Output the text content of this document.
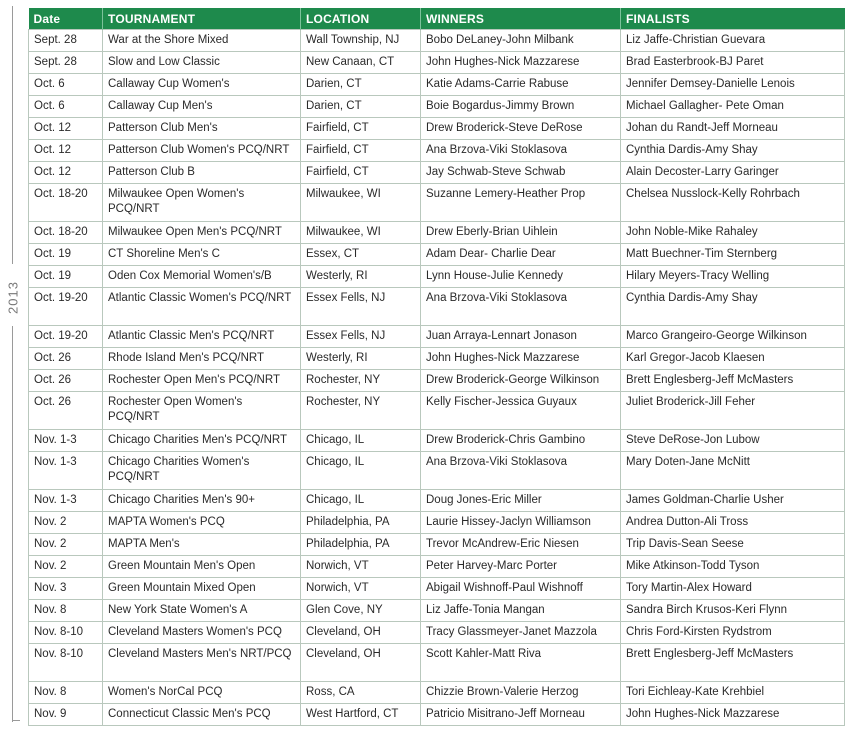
2013
Date	TOURNAMENT	LOCATION	WINNERS	FINALISTS
Sept. 28	War at the Shore Mixed	Wall Township, NJ	Bobo DeLaney-John Milbank	Liz Jaffe-Christian Guevara
Sept. 28	Slow and Low Classic	New Canaan, CT	John Hughes-Nick Mazzarese	Brad Easterbrook-BJ Paret
Oct. 6	Callaway Cup Women's	Darien, CT	Katie Adams-Carrie Rabuse	Jennifer Demsey-Danielle Lenois
Oct. 6	Callaway Cup Men's	Darien, CT	Boie Bogardus-Jimmy Brown	Michael Gallagher- Pete Oman
Oct. 12	Patterson Club Men's	Fairfield, CT	Drew Broderick-Steve DeRose	Johan du Randt-Jeff Morneau
Oct. 12	Patterson Club Women's PCQ/NRT	Fairfield, CT	Ana Brzova-Viki Stoklasova	Cynthia Dardis-Amy Shay
Oct. 12	Patterson Club B	Fairfield, CT	Jay Schwab-Steve Schwab	Alain Decoster-Larry Garinger
Oct. 18-20	Milwaukee Open Women's PCQ/NRT	Milwaukee, WI	Suzanne Lemery-Heather Prop	Chelsea Nusslock-Kelly Rohrbach
Oct. 18-20	Milwaukee Open Men's PCQ/NRT	Milwaukee, WI	Drew Eberly-Brian Uihlein	John Noble-Mike Rahaley
Oct. 19	CT Shoreline Men's C	Essex, CT	Adam Dear- Charlie Dear	Matt Buechner-Tim Sternberg
Oct. 19	Oden Cox Memorial Women's/B	Westerly, RI	Lynn House-Julie Kennedy	Hilary Meyers-Tracy Welling
Oct. 19-20	Atlantic Classic Women's PCQ/NRT	Essex Fells, NJ	Ana Brzova-Viki Stoklasova	Cynthia Dardis-Amy Shay
Oct. 19-20	Atlantic Classic Men's PCQ/NRT	Essex Fells, NJ	Juan Arraya-Lennart Jonason	Marco Grangeiro-George Wilkinson
Oct. 26	Rhode Island Men's PCQ/NRT	Westerly, RI	John Hughes-Nick Mazzarese	Karl Gregor-Jacob Klaesen
Oct. 26	Rochester Open Men's PCQ/NRT	Rochester, NY	Drew Broderick-George Wilkinson	Brett Englesberg-Jeff McMasters
Oct. 26	Rochester Open Women's PCQ/NRT	Rochester, NY	Kelly Fischer-Jessica Guyaux	Juliet Broderick-Jill Feher
Nov. 1-3	Chicago Charities Men's PCQ/NRT	Chicago, IL	Drew Broderick-Chris Gambino	Steve DeRose-Jon Lubow
Nov. 1-3	Chicago Charities Women's PCQ/NRT	Chicago, IL	Ana Brzova-Viki Stoklasova	Mary Doten-Jane McNitt
Nov. 1-3	Chicago Charities Men's 90+	Chicago, IL	Doug Jones-Eric Miller	James Goldman-Charlie Usher
Nov. 2	MAPTA Women's PCQ	Philadelphia, PA	Laurie Hissey-Jaclyn Williamson	Andrea Dutton-Ali Tross
Nov. 2	MAPTA Men's	Philadelphia, PA	Trevor McAndrew-Eric Niesen	Trip Davis-Sean Seese
Nov. 2	Green Mountain Men's Open	Norwich, VT	Peter Harvey-Marc Porter	Mike Atkinson-Todd Tyson
Nov. 3	Green Mountain Mixed Open	Norwich, VT	Abigail Wishnoff-Paul Wishnoff	Tory Martin-Alex Howard
Nov. 8	New York State Women's A	Glen Cove, NY	Liz Jaffe-Tonia Mangan	Sandra Birch Krusos-Keri Flynn
Nov. 8-10	Cleveland Masters Women's PCQ	Cleveland, OH	Tracy Glassmeyer-Janet Mazzola	Chris Ford-Kirsten Rydstrom
Nov. 8-10	Cleveland Masters Men's NRT/PCQ	Cleveland, OH	Scott Kahler-Matt Riva	Brett Englesberg-Jeff McMasters
Nov. 8	Women's NorCal PCQ	Ross, CA	Chizzie Brown-Valerie Herzog	Tori Eichleay-Kate Krehbiel
Nov. 9	Connecticut Classic Men's PCQ	West Hartford, CT	Patricio Misitrano-Jeff Morneau	John Hughes-Nick Mazzarese
